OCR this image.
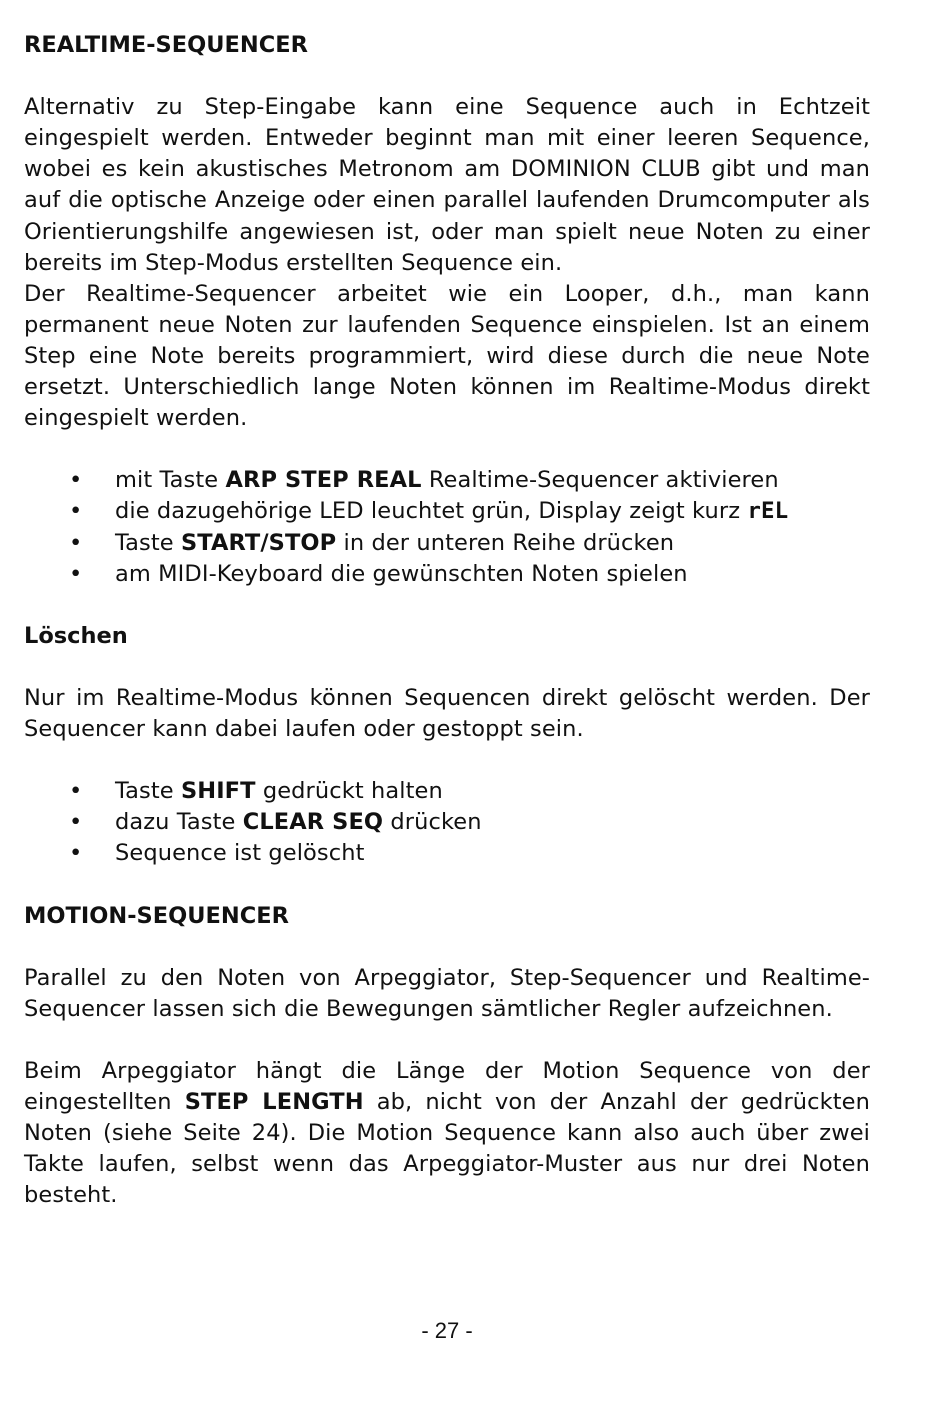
REALTIME-SEQUENCER

Alternativ zu Step-Eingabe kann eine Sequence auch in Echtzeit eingespielt werden. Entweder beginnt man mit einer leeren Sequence, wobei es kein akustisches Metronom am DOMINION CLUB gibt und man auf die optische Anzeige oder einen parallel laufenden Drumcomputer als Orientierungshilfe angewiesen ist, oder man spielt neue Noten zu einer bereits im Step-Modus erstellten Sequence ein.

Der Realtime-Sequencer arbeitet wie ein Looper, d.h., man kann permanent neue Noten zur laufenden Sequence einspielen. Ist an einem Step eine Note bereits programmiert, wird diese durch die neue Note ersetzt. Unterschiedlich lange Noten können im Realtime-Modus direkt eingespielt werden.

• mit Taste ARP STEP REAL Realtime-Sequencer aktivieren
• die dazugehörige LED leuchtet grün, Display zeigt kurz rEL
• Taste START/STOP in der unteren Reihe drücken
• am MIDI-Keyboard die gewünschten Noten spielen
Löschen

Nur im Realtime-Modus können Sequencen direkt gelöscht werden. Der Sequencer kann dabei laufen oder gestoppt sein.

• Taste SHIFT gedrückt halten
• dazu Taste CLEAR SEQ drücken
• Sequence ist gelöscht
MOTION-SEQUENCER

Parallel zu den Noten von Arpeggiator, Step-Sequencer und Realtime-Sequencer lassen sich die Bewegungen sämtlicher Regler aufzeichnen.

Beim Arpeggiator hängt die Länge der Motion Sequence von der eingestellten STEP LENGTH ab, nicht von der Anzahl der gedrückten Noten (siehe Seite 24). Die Motion Sequence kann also auch über zwei Takte laufen, selbst wenn das Arpeggiator-Muster aus nur drei Noten besteht.

- 27 -
